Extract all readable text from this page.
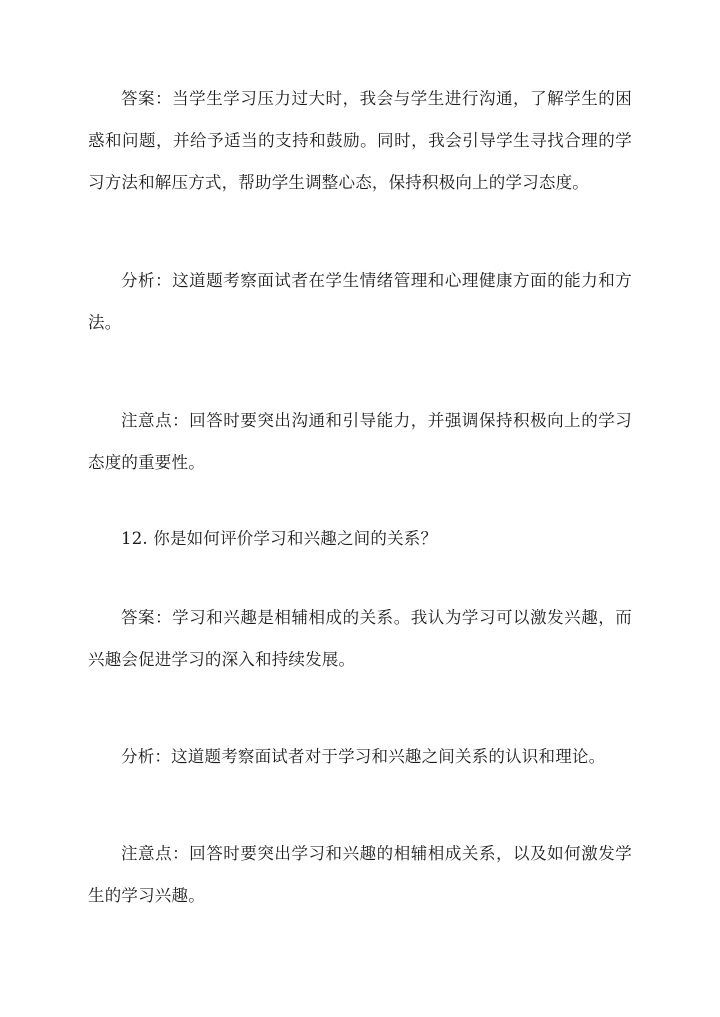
答案：当学生学习压力过大时，我会与学生进行沟通，了解学生的困惑和问题，并给予适当的支持和鼓励。同时，我会引导学生寻找合理的学习方法和解压方式，帮助学生调整心态，保持积极向上的学习态度。

分析：这道题考察面试者在学生情绪管理和心理健康方面的能力和方法。

注意点：回答时要突出沟通和引导能力，并强调保持积极向上的学习态度的重要性。

12. 你是如何评价学习和兴趣之间的关系？

答案：学习和兴趣是相辅相成的关系。我认为学习可以激发兴趣，而兴趣会促进学习的深入和持续发展。

分析：这道题考察面试者对于学习和兴趣之间关系的认识和理论。

注意点：回答时要突出学习和兴趣的相辅相成关系，以及如何激发学生的学习兴趣。
